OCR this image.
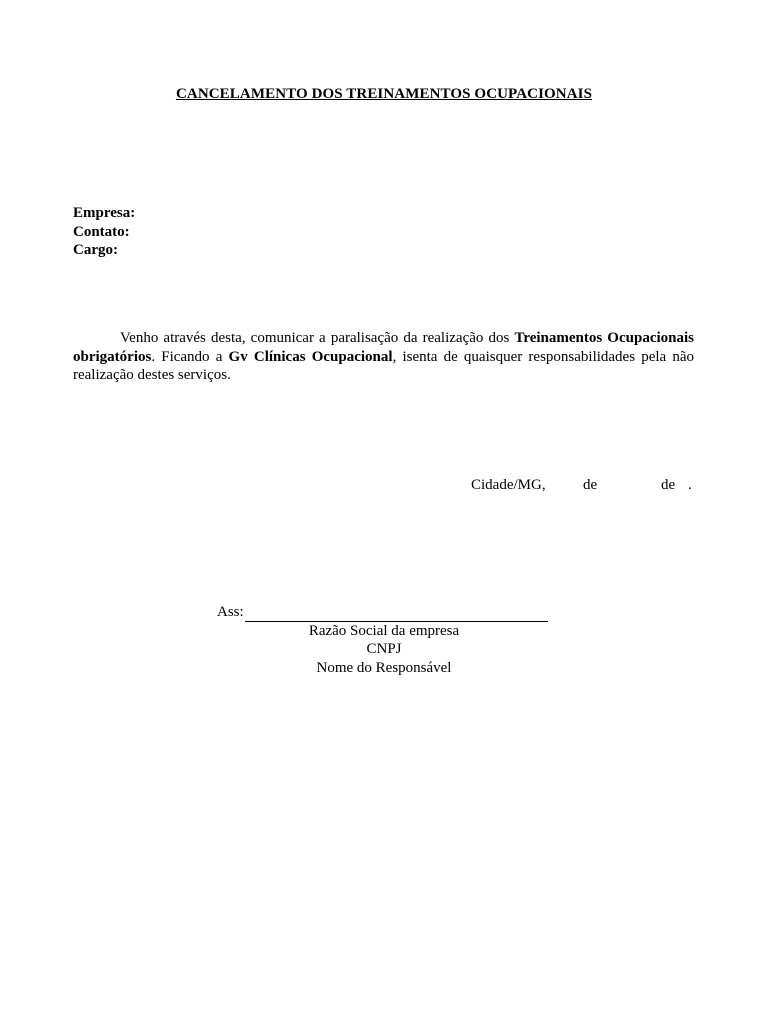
CANCELAMENTO DOS TREINAMENTOS OCUPACIONAIS
Empresa:
Contato:
Cargo:
Venho através desta, comunicar a paralisação da realização dos Treinamentos Ocupacionais obrigatórios. Ficando a Gv Clínicas Ocupacional, isenta de quaisquer responsabilidades pela não realização destes serviços.
Cidade/MG, de	de .
Ass:
Razão Social da empresa
CNPJ
Nome do Responsável
